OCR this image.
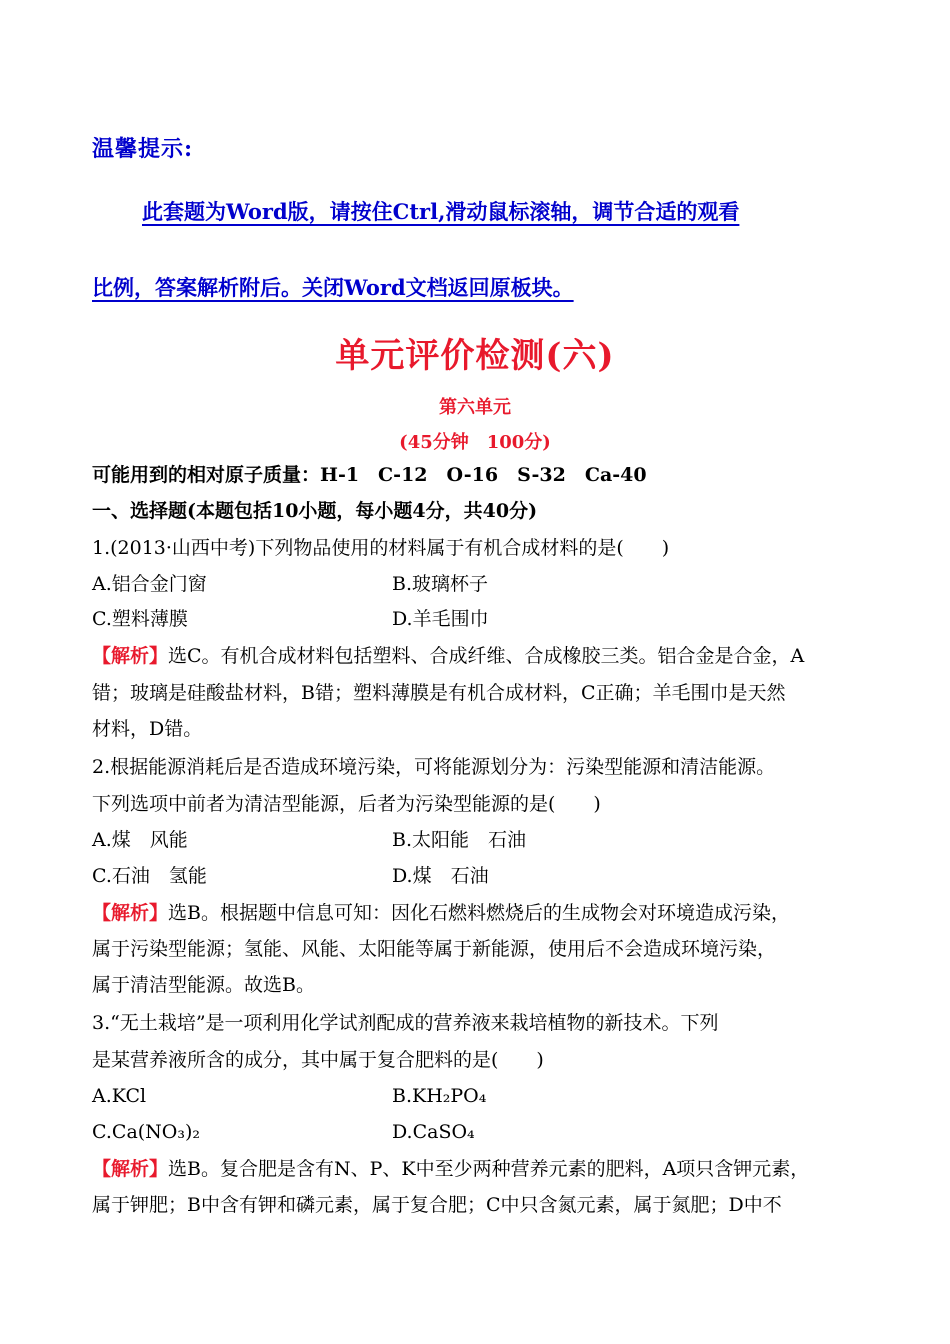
温馨提示:
此套题为Word版，请按住Ctrl,滑动鼠标滚轴，调节合适的观看
比例，答案解析附后。关闭Word文档返回原板块。
单元评价检测(六)
第六单元
(45分钟　100分)
可能用到的相对原子质量：H-1　C-12　O-16　S-32　Ca-40
一、选择题(本题包括10小题，每小题4分，共40分)
1.(2013·山西中考)下列物品使用的材料属于有机合成材料的是(　　)
A.铝合金门窗	B.玻璃杯子
C.塑料薄膜	D.羊毛围巾
【解析】选C。有机合成材料包括塑料、合成纤维、合成橡胶三类。铝合金是合金，A
错；玻璃是硅酸盐材料，B错；塑料薄膜是有机合成材料，C正确；羊毛围巾是天然
材料，D错。
2.根据能源消耗后是否造成环境污染，可将能源划分为：污染型能源和清洁能源。
下列选项中前者为清洁型能源，后者为污染型能源的是(　　)
A.煤　风能	B.太阳能　石油
C.石油　氢能	D.煤　石油
【解析】选B。根据题中信息可知：因化石燃料燃烧后的生成物会对环境造成污染，
属于污染型能源；氢能、风能、太阳能等属于新能源，使用后不会造成环境污染，
属于清洁型能源。故选B。
3.“无土栽培”是一项利用化学试剂配成的营养液来栽培植物的新技术。下列
是某营养液所含的成分，其中属于复合肥料的是(　　)
A.KCl	B.KH₂PO₄
C.Ca(NO₃)₂	D.CaSO₄
【解析】选B。复合肥是含有N、P、K中至少两种营养元素的肥料，A项只含钾元素，
属于钾肥；B中含有钾和磷元素，属于复合肥；C中只含氮元素，属于氮肥；D中不
